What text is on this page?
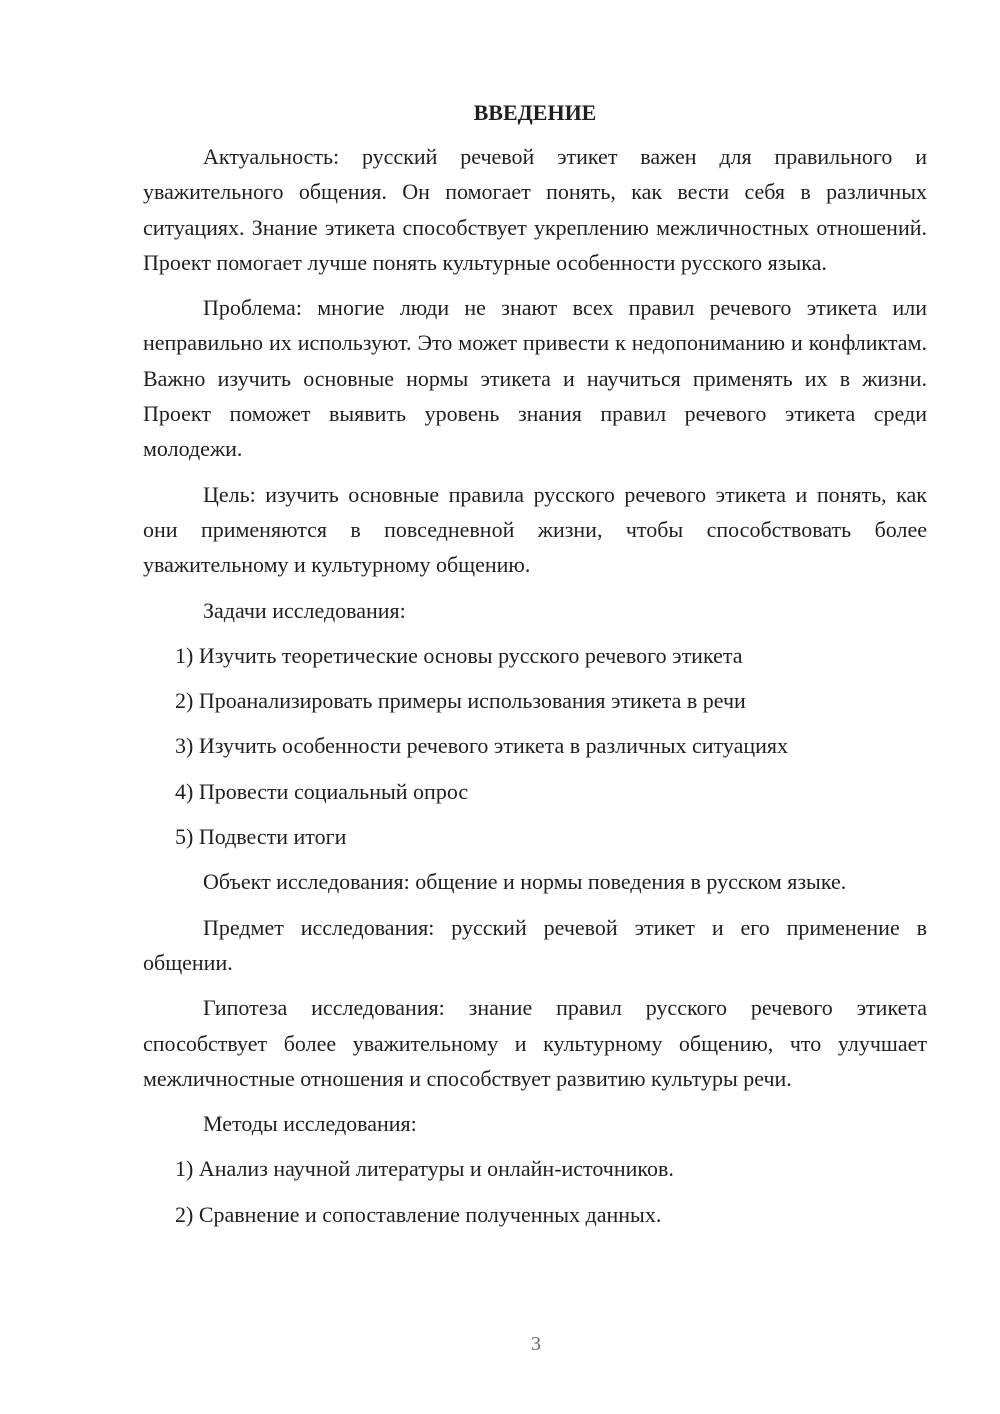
ВВЕДЕНИЕ

Актуальность: русский речевой этикет важен для правильного и уважительного общения. Он помогает понять, как вести себя в различных ситуациях. Знание этикета способствует укреплению межличностных отношений. Проект помогает лучше понять культурные особенности русского языка.

Проблема: многие люди не знают всех правил речевого этикета или неправильно их используют. Это может привести к недопониманию и конфликтам. Важно изучить основные нормы этикета и научиться применять их в жизни. Проект поможет выявить уровень знания правил речевого этикета среди молодежи.

Цель: изучить основные правила русского речевого этикета и понять, как они применяются в повседневной жизни, чтобы способствовать более уважительному и культурному общению.

Задачи исследования:

1) Изучить теоретические основы русского речевого этикета
2) Проанализировать примеры использования этикета в речи
3) Изучить особенности речевого этикета в различных ситуациях
4) Провести социальный опрос
5) Подвести итоги

Объект исследования: общение и нормы поведения в русском языке.

Предмет исследования: русский речевой этикет и его применение в общении.

Гипотеза исследования: знание правил русского речевого этикета способствует более уважительному и культурному общению, что улучшает межличностные отношения и способствует развитию культуры речи.

Методы исследования:

1) Анализ научной литературы и онлайн-источников.
2) Сравнение и сопоставление полученных данных.
3
